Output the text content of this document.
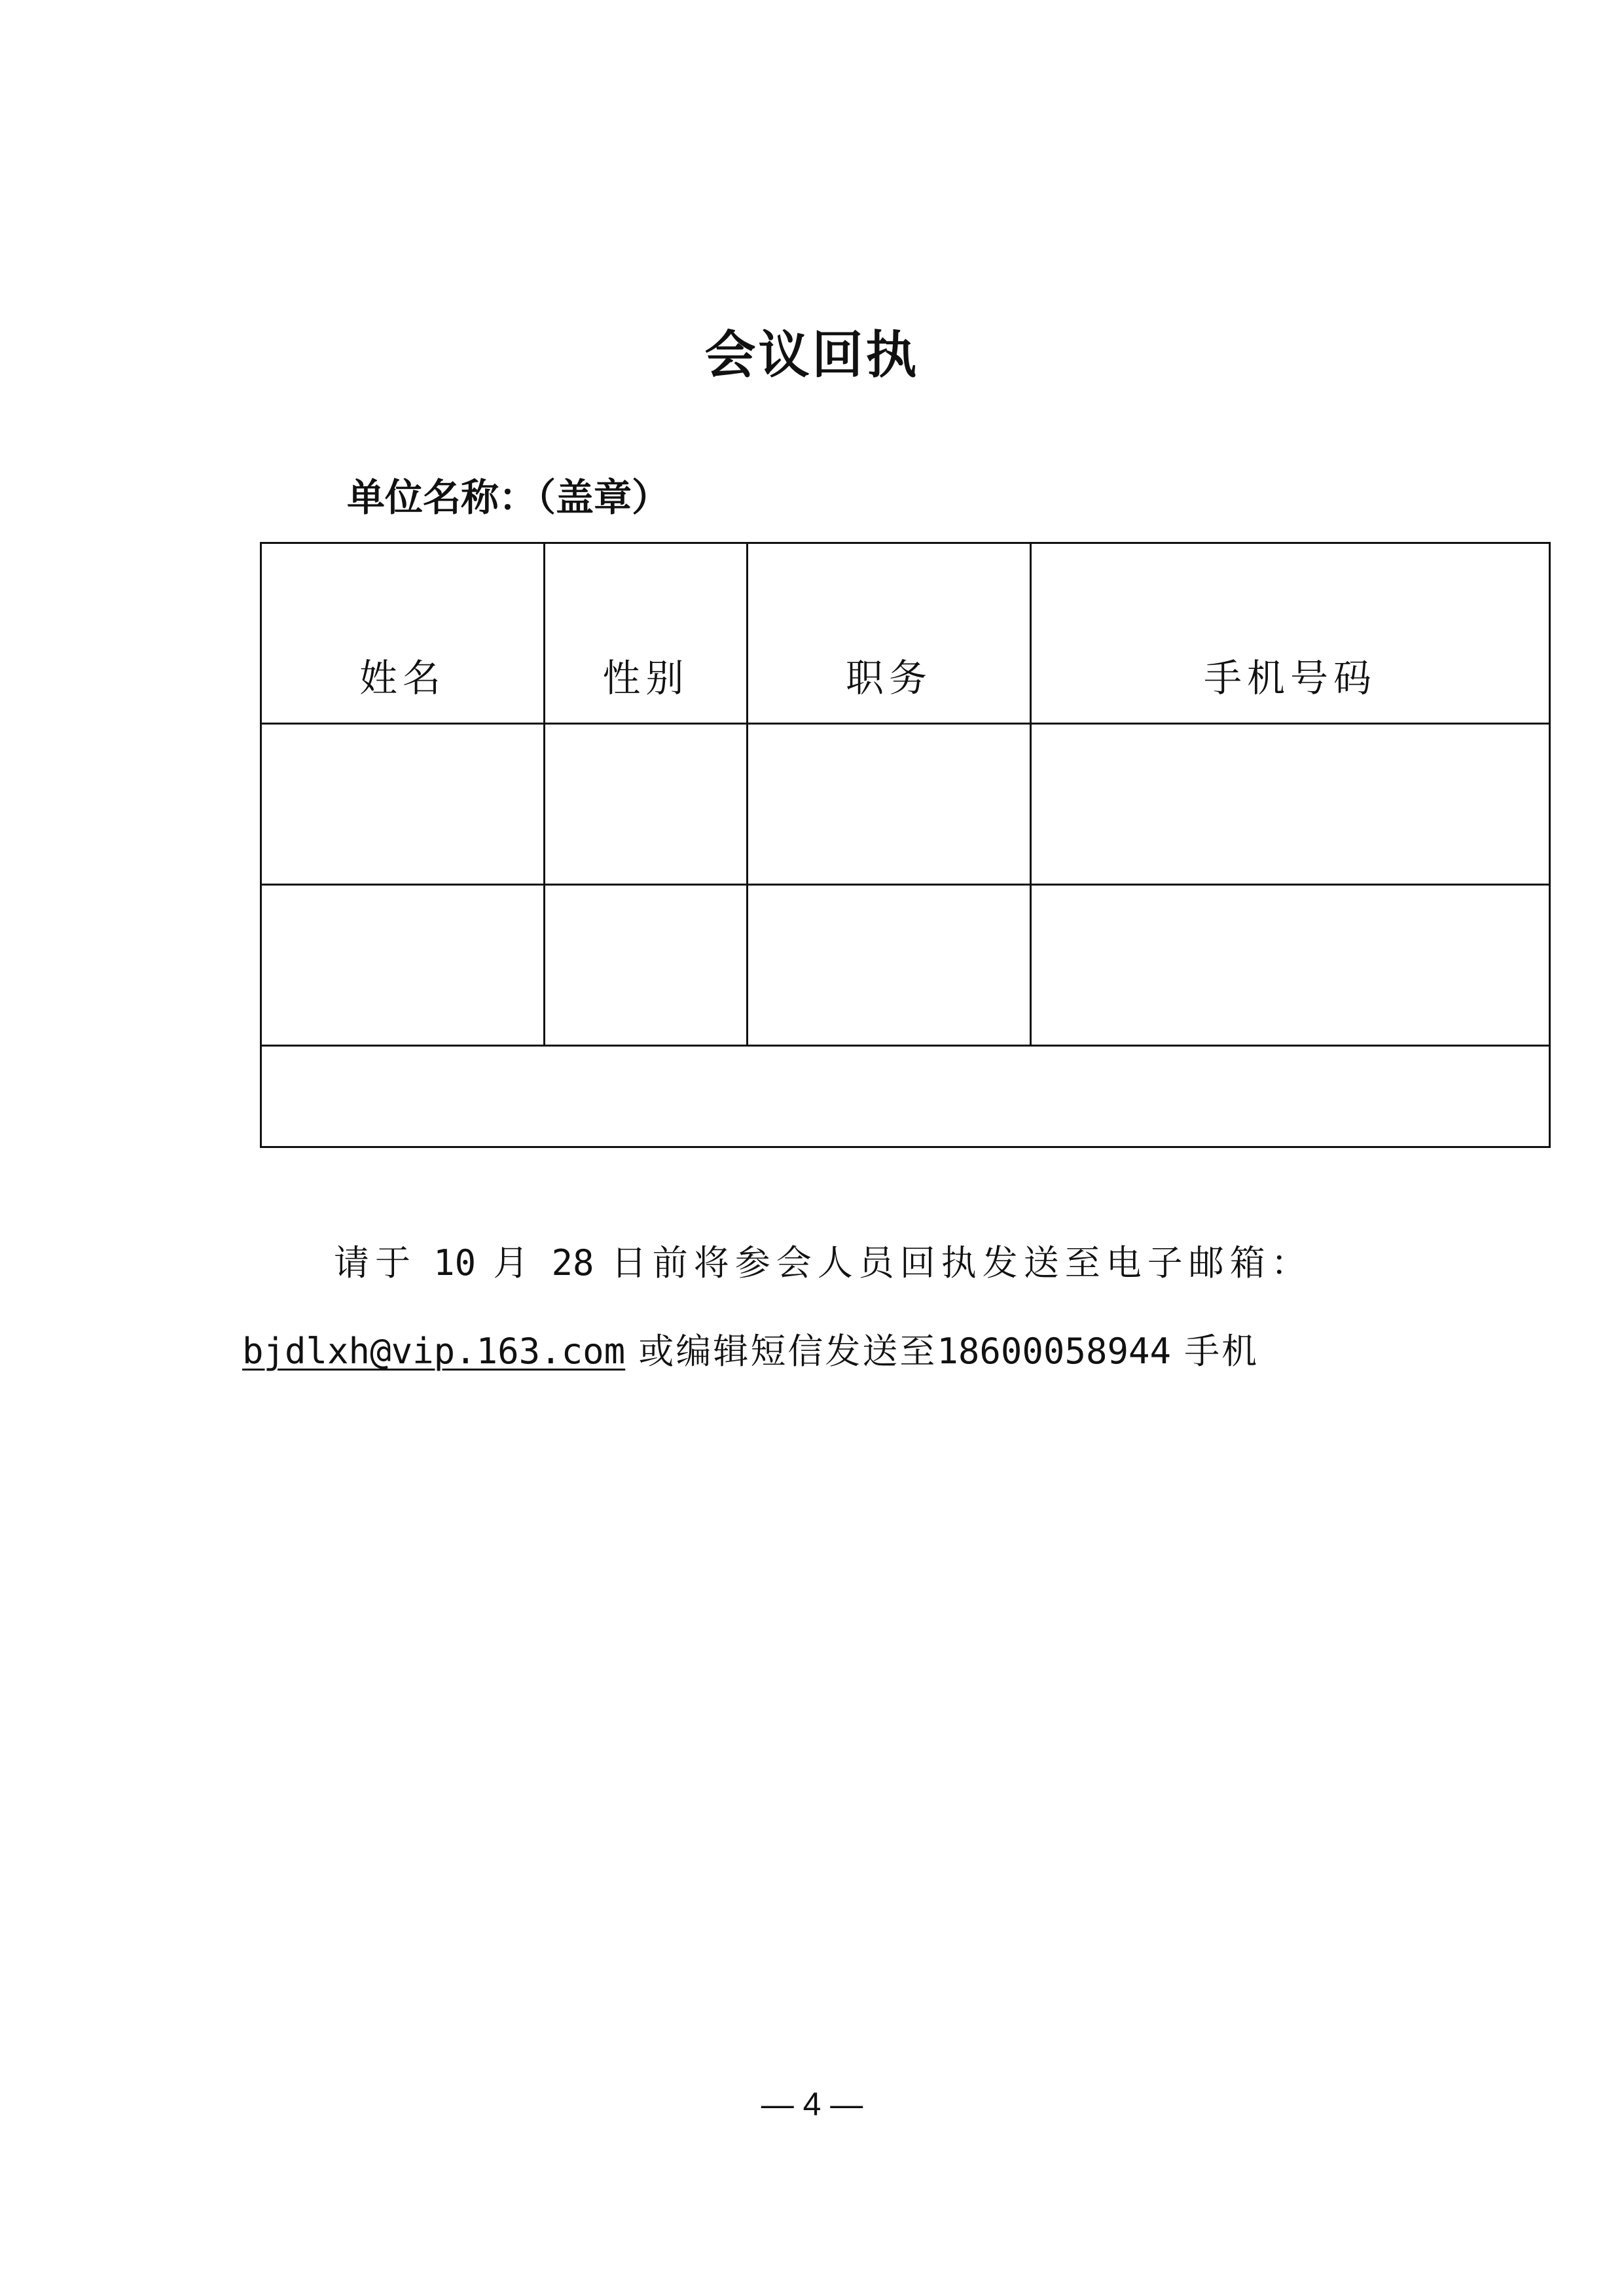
会议回执
单位名称：（盖章）
姓名	性别	职务	手机号码

请于 10 月 28 日前将参会人员回执发送至电子邮箱：
bjdlxh@vip.163.com 或编辑短信发送至18600058944 手机
— 4 —
